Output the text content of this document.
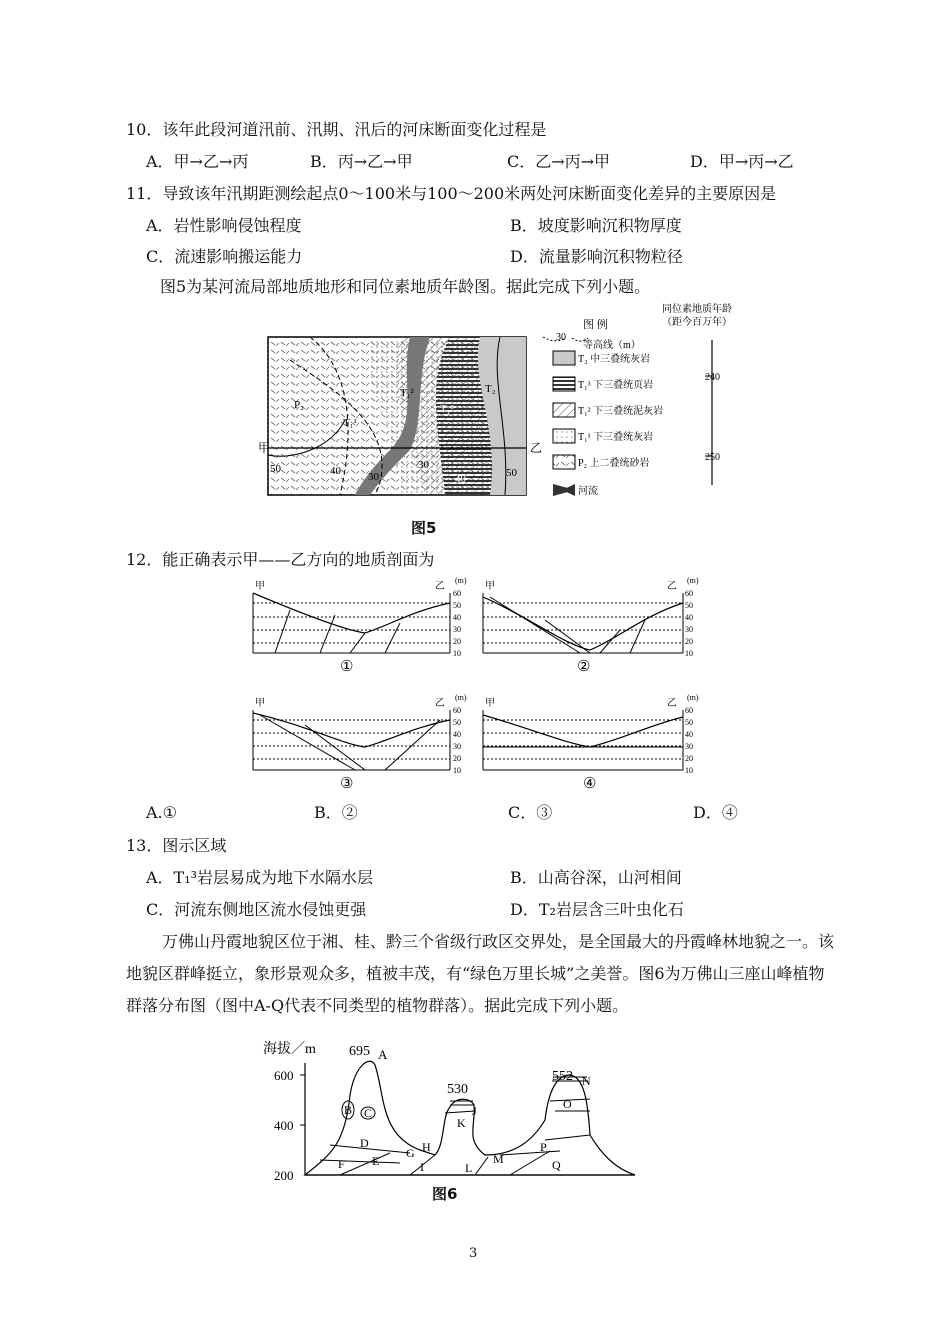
10．该年此段河道汛前、汛期、汛后的河床断面变化过程是
A．甲→乙→丙	B．丙→乙→甲	C．乙→丙→甲	D．甲→丙→乙
11．导致该年汛期距测绘起点0～100米与100～200米两处河床断面变化差异的主要原因是
A．岩性影响侵蚀程度	B．坡度影响沉积物厚度
C．流速影响搬运能力	D．流量影响沉积物粒径
图5为某河流局部地质地形和同位素地质年龄图。据此完成下列小题。
甲	乙
P₂
T₁¹
T₁²
T₁³
T₂
50	40 30
30
40	50
图 例
30
等高线（m）
T₂ 中三叠统灰岩
T₁³ 下三叠统页岩
T₁² 下三叠统泥灰岩
T₁¹ 下三叠统灰岩
P₂ 上二叠统砂岩
河流
同位素地质年龄
（距今百万年）
240
250
图5
12．能正确表示甲——乙方向的地质剖面为
甲	乙	甲	乙
甲	乙	甲	乙
(m)	(m)
(m)	(m)
60
50
40
30
20
10
60
50
40
30
20
10
60
50
40
30
20
10
60
50
40
30
20
10
①	②
③	④
A.①	B．②	C．③	D．④
13．图示区域
A．T₁³岩层易成为地下水隔水层	B．山高谷深，山河相间
C．河流东侧地区流水侵蚀更强	D．T₂岩层含三叶虫化石
万佛山丹霞地貌区位于湘、桂、黔三个省级行政区交界处，是全国最大的丹霞峰林地貌之一。该地貌区群峰挺立，象形景观众多，植被丰茂，有“绿色万里长城”之美誉。图6为万佛山三座山峰植物群落分布图（图中A-Q代表不同类型的植物群落）。据此完成下列小题。
海拔／m
600
400
200
695
530
552
A
B C
D
E
F
G H
I
J
K
L
M
N
O
P
Q
图6
3
